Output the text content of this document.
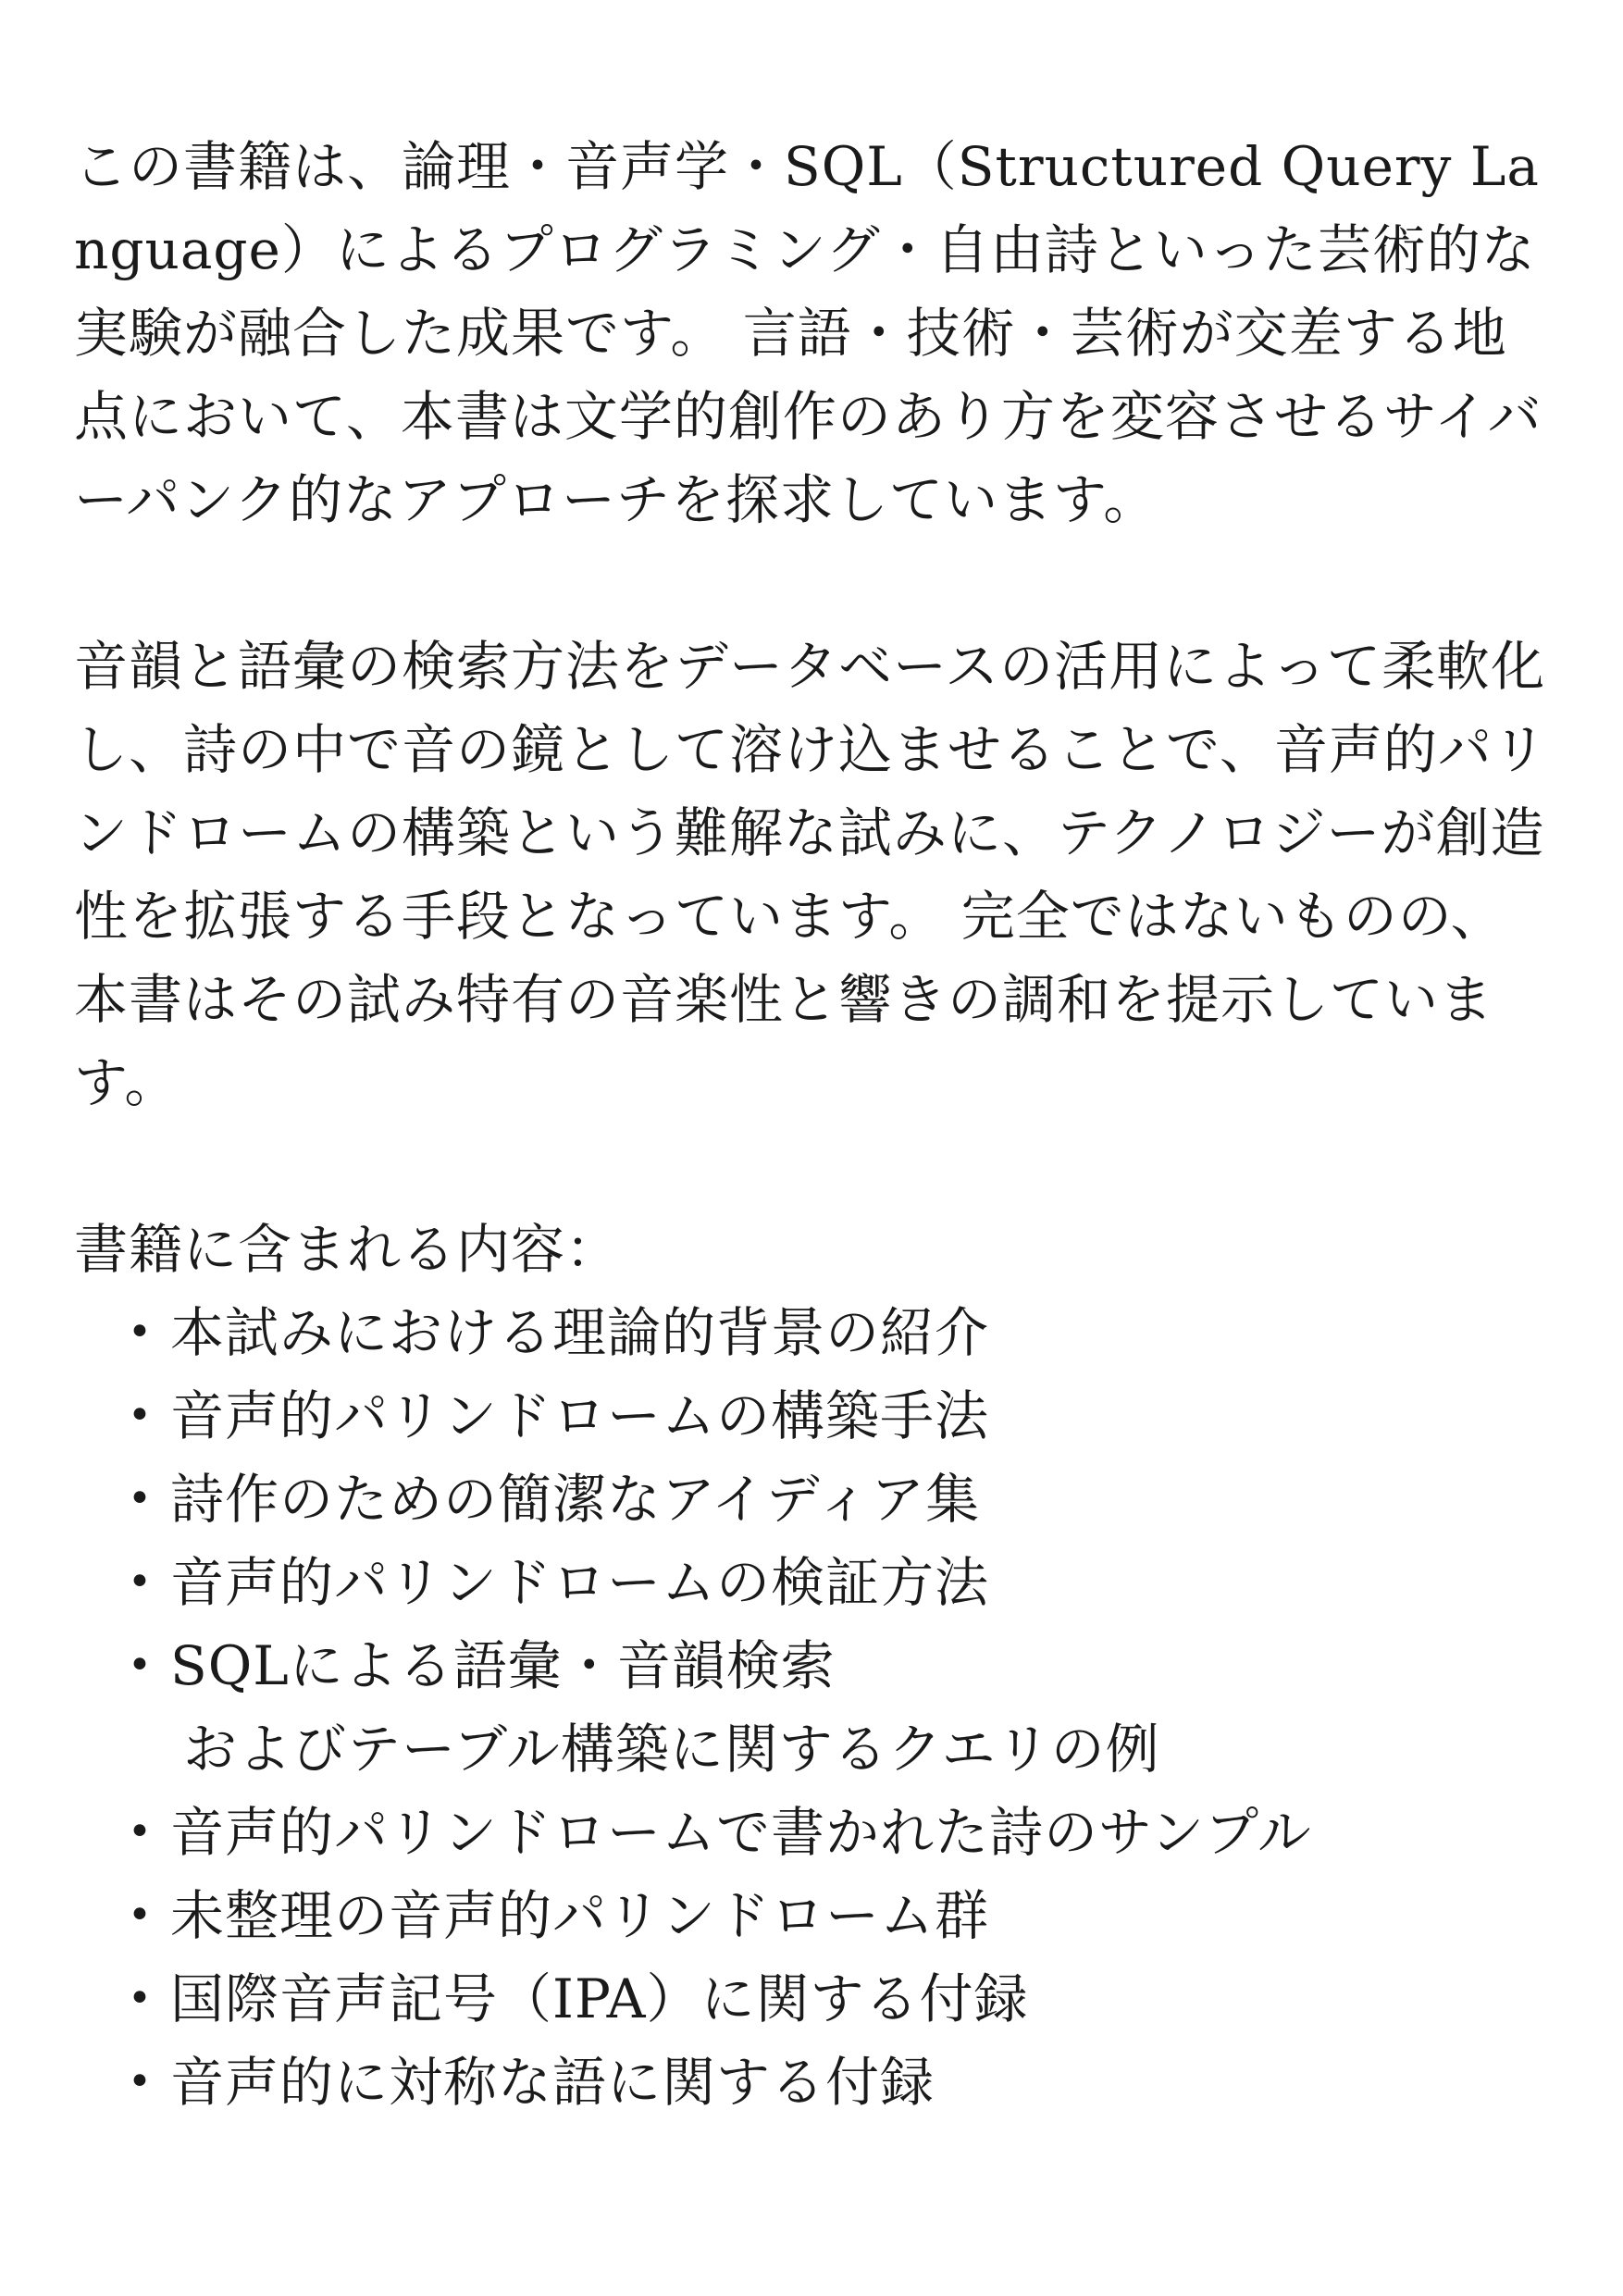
この書籍は、論理・音声学・SQL（Structured Query Language）によるプログラミング・自由詩といった芸術的な実験が融合した成果です。 言語・技術・芸術が交差する地点において、本書は文学的創作のあり方を変容させるサイバーパンク的なアプローチを探求しています。

音韻と語彙の検索方法をデータベースの活用によって柔軟化し、詩の中で音の鏡として溶け込ませることで、音声的パリンドロームの構築という難解な試みに、テクノロジーが創造性を拡張する手段となっています。 完全ではないものの、本書はその試み特有の音楽性と響きの調和を提示しています。

書籍に含まれる内容：
• 本試みにおける理論的背景の紹介
• 音声的パリンドロームの構築手法
• 詩作のための簡潔なアイディア集
• 音声的パリンドロームの検証方法
• SQLによる語彙・音韻検索
およびテーブル構築に関するクエリの例
• 音声的パリンドロームで書かれた詩のサンプル
• 未整理の音声的パリンドローム群
• 国際音声記号（IPA）に関する付録
• 音声的に対称な語に関する付録
